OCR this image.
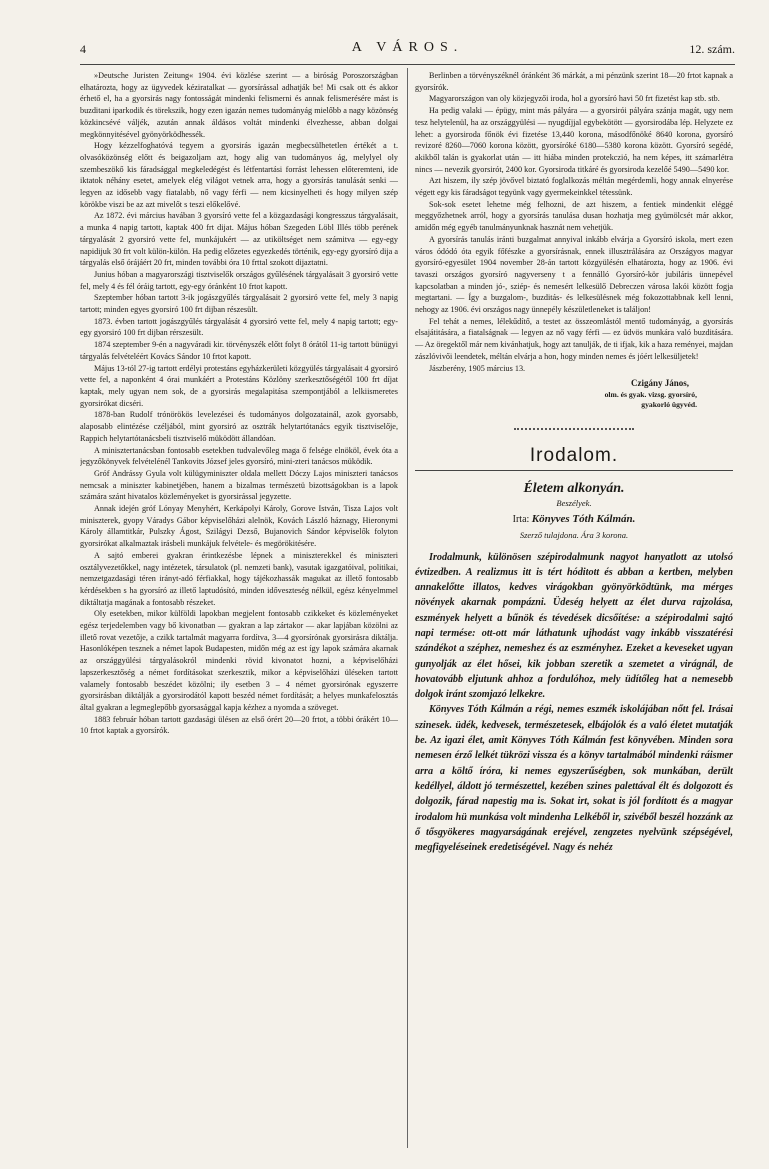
4	A VÁROS.	12. szám.

»Deutsche Juristen Zeitung« 1904. évi közlése szerint — a biróság Poroszországban elhatározta, hogy az ügyvedek kéziratalkat — gyorsírással adhatják be! Mi csak ott és akkor érhető el, ha a gyorsirás nagy fontosságát mindenki felismerni és annak felismerésére mást is buzditani iparkodik és törekszik, hogy ezen igazán nemes tudományág mielőbb a nagy közönség közkincsévé váljék, azután annak áldásos voltát mindenki élvezhesse, abban dolgai megkönnyitésével gyönyörködhessék.

Hogy kézzelfoghatóvá tegyem a gyorsirás igazán megbecsülhetetlen értékét a t. olvasóközönség előtt és beigazoljam azt, hogy alig van tudományos ág, melylyel oly szembeszökő kis fáradsággal megkeledégést és létfentartási forrást lehessen előteremteni, ide iktatok néhány esetet, amelyek elég világot vetnek arra, hogy a gyorsírás tanulását senki — legyen az idősebb vagy fiatalabb, nő vagy férfi — nem kicsinyelheti és hogy milyen szép körökbe viszi be az azt mivelőt s teszi előkelővé.

Az 1872. évi március havában 3 gyorsíró vette fel a közgazdasági kongresszus tárgyalásait, a munka 4 napig tartott, kaptak 400 frt dijat. Május hóban Szegeden Löbl Illés több perének tárgyalását 2 gyorsiró vette fel, munkájukért — az utiköltséget nem számitva — egy-egy napidijuk 30 frt volt külön-külön. Ha pedig előzetes egyezkedés történik, egy-egy gyorsíró dija a tárgyalás első órájáért 20 frt, minden további óra 10 frttal szokott dijaztatni.

Junius hóban a magyarországi tisztviselők országos gyűlésének tárgyalásait 3 gyorsiró vette fel, mely 4 és fél óráig tartott, egy-egy óránként 10 frtot kapott.

Szeptember hóban tartott 3-ik jogászgyűlés tárgyalásait 2 gyorsiró vette fel, mely 3 napig tartott; minden egyes gyorsiró 100 frt dijban részesült.

1873. évben tartott jogászgyűlés tárgyalását 4 gyorsiró vette fel, mely 4 napig tartott; egy-egy gyorsiró 100 frt dijban rérszesült.

1874 szeptember 9-én a nagyváradi kir. törvényszék előtt folyt 8 órától 11-ig tartott bünügyi tárgyalás felvételéért Kovács Sándor 10 frtot kapott.

Május 13-tól 27-ig tartott erdélyi protestáns egyházkerületi közgyülés tárgyalásait 4 gyorsiró vette fel, a naponként 4 órai munkáért a Protestáns Közlöny szerkesztőségétől 100 frt díjat kaptak, mely ugyan nem sok, de a gyorsirás megalapitása szempontjából a lelkiismeretes gyorsirókat dicséri.

1878-ban Rudolf trónörökös levelezései és tudományos dolgozatainál, azok gyorsabb, alaposabb elintézése czéljából, mint gyorsiró az osztrák helytartótanács egyik tisztviselője, Rappich helytartótanácsbeli tisztviselő müködött állandóan.

A minisztertanácsban fontosabb esetekben tudvalevőleg maga ő felsége elnököl, évek óta a jegyzőkönyvek felvételénél Tankovits József jeles gyorsíró, mini-zteri tanácsos müködik.

Gróf Andrássy Gyula volt külügyminiszter oldala mellett Dóczy Lajos miniszteri tanácsos nemcsak a miniszter kabinetjében, hanem a bizalmas természetü bizottságokban is a lapok számára szánt hivatalos közleményeket is gyorsirással jegyzette.

Annak idején gróf Lónyay Menyhért, Kerkápolyi Károly, Gorove István, Tisza Lajos volt miniszterek, gyopy Váradys Gábor képviselőházi alelnök, Kovách László háznagy, Hieronymi Károly államtitkár, Pulszky Ágost, Szilágyi Dezső, Bujanovich Sándor képviselők folyton gyorsirókat alkalmaztak irásbeli munkájuk felvétele- és megörökitésére.

A sajtó emberei gyakran érintkezésbe lépnek a miniszterekkel és miniszteri osztályvezetőkkel, nagy intézetek, társulatok (pl. nemzeti bank), vasutak igazgatóival, politikai, nemzetgazdasági téren irányt-adó férfiakkal, hogy tájékozhassák magukat az illető fontosabb kérdésekben s ha gyorsíró az illető laptudósító, minden időveszteség nélkül, egész kényelmmel diktáltatja magának a fontosabb részeket.

Oly esetekben, mikor külföldi lapokban megjelent fontosabb czikkeket és közleményeket egész terjedelemben vagy bő kivonatban — gyakran a lap zártakor — akar lapjában közölni az illető rovat vezetője, a czikk tartalmát magyarra fordítva, 3—4 gyorsírónak gyorsirásra diktálja. Hasonlóképen tesznek a német lapok Budapesten, midőn még az est így lapok számára akarnak az országgyülési tárgyalásokról mindenki rövid kivonatot hozni, a képviselőházi lapszerkesztőség a német fordításokat szerkesztik, mikor a képviselőházi üléseken tartott valamely fontosabb beszédet közölni; ily esetben 3 – 4 német gyorsirónak egyszerre gyorsirásban diktálják a gyorsirodától kapott beszéd német fordítását; a helyes munkafelosztás által gyakran a legmeglepőbb gyorsasággal kapja kézhez a nyomda a szöveget.

1883 február hóban tartott gazdasági ülésen az első órért 20—20 frtot, a többi órákért 10—10 frtot kaptak a gyorsírók.

Berlinben a törvényszéknél óránként 36 márkát, a mi pénzünk szerint 18—20 frtot kapnak a gyorsírók.

Magyarországon van oly közjegyzői iroda, hol a gyorsíró havi 50 frt fizetést kap stb. stb.

Ha pedig valaki — épügy, mint más pályára — a gyorsirói pályára szánja magát, ugy nem tesz helytelenül, ha az országgyülési — nyugdíjjal egybekötött — gyorsirodába lép. Helyzete ez lehet: a gyorsiroda főnök évi fizetése 13,440 korona, másodfőnöké 8640 korona, gyorsíró revizoré 8260—7060 korona között, gyorsíróké 6180—5380 korona között. Gyorsíró segédé, akikből talán is gyakorlat után — itt hiába minden protekczió, ha nem képes, itt számarlétra nincs — nevezik gyorsirót, 2400 kor. Gyorsiroda titkáré és gyorsiroda kezelőé 5490—5490 kor.

Azt hiszem, ily szép jövővel biztató foglalkozás méltán megérdemli, hogy annak elnyerése végett egy kis fáradságot tegyünk vagy gyermekeinkkel tétessünk.

Sok-sok esetet lehetne még felhozni, de azt hiszem, a fentiek mindenkit eléggé meggyőzhetnek arról, hogy a gyorsírás tanulása dusan hozhatja meg gyümölcsét már akkor, amidőn még egyéb tanulmányunknak hasznát nem vehetjük.

A gyorsírás tanulás iránti buzgalmat annyival inkább elvárja a Gyorsíró iskola, mert ezen város ódódó óta egyik főfészke a gyorsírásnak, ennek illusztrálására az Országyos magyar gyorsíró-egyesület 1904 november 28-án tartott közgyülésén elhatározta, hogy az 1906. évi tavaszi országos gyorsíró nagyverseny t a fennálló Gyorsíró-kör jubiláris ünnepével kapcsolatban a minden jó-, sziép- és nemesért lelkesülő Debreczen városa lakói között fogja megtartani. — Így a buzgalom-, buzditás- és lelkesülésnek még fokozottabbnak kell lenni, nehogy az 1906. évi országos nagy ünnepély készületleneket is találjon!

Fel tehát a nemes, lélekűdítő, a testet az összeomlástól mentő tudományág, a gyorsírás elsajátitására, a fiatalságnak — legyen az nő vagy férfi — ez üdvös munkára való buzditására. — Az öregektől már nem kivánhatjuk, hogy azt tanulják, de ti ifjak, kik a haza reményei, majdan zászlóvivői leendetek, méltán elvárja a hon, hogy minden nemes és jóért lelkesüljetek!

Jászberény, 1905 március 13.

Czigány János,
olm. és gyak. vizsg. gyorsíró,
gyakorló ügyvéd.
Irodalom.
Életem alkonyán.
Beszélyek.
Irta: Könyves Tóth Kálmán.
Szerző tulajdona. Ára 3 korona.

Irodalmunk, különösen szépirodalmunk nagyot hanyatlott az utolsó évtizedben. A realizmus itt is tért hóditott és abban a kertben, melyben annakelőtte illatos, kedves virágokban gyönyörködtünk, ma mérges növények akarnak pompázni. Üdeség helyett az élet durva rajzolása, eszmények helyett a bűnök és tévedések dicsőítése: a szépirodalmi sajtó napi termése: ott-ott már láthatunk ujhodást vagy inkább visszatérési szándékot a széphez, nemeshez és az eszményhez. Ezeket a keveseket ugyan gunyolják az élet hősei, kik jobban szeretik a szemetet a virágnál, de hovatovább eljutunk ahhoz a fordulóhoz, mely üdítőleg hat a nemesebb dolgok iránt szomjazó lelkekre.

Könyves Tóth Kálmán a régi, nemes eszmék iskolájában nőtt fel. Irásai szinesek. üdék, kedvesek, természetesek, elbájolók és a való életet mutatják be. Az igazi élet, amit Könyves Tóth Kálmán fest könyvében. Minden sora nemesen érző lelkét tükrözi vissza és a könyv tartalmából mindenki ráismer arra a költő íróra, ki nemes egyszerűségben, sok munkában, derült kedéllyel, áldott jó természettel, kezében szines palettával élt és dolgozott és dolgozik, fárad napestig ma is. Sokat irt, sokat is jól fordított és a magyar irodalom hü munkása volt mindenha Lelkéből ir, szivéből beszél hozzánk az ő tősgyökeres magyarságának erejével, zengzetes nyelvünk szépségével, megfigyeléseinek eredetiségével. Nagy és nehéz
